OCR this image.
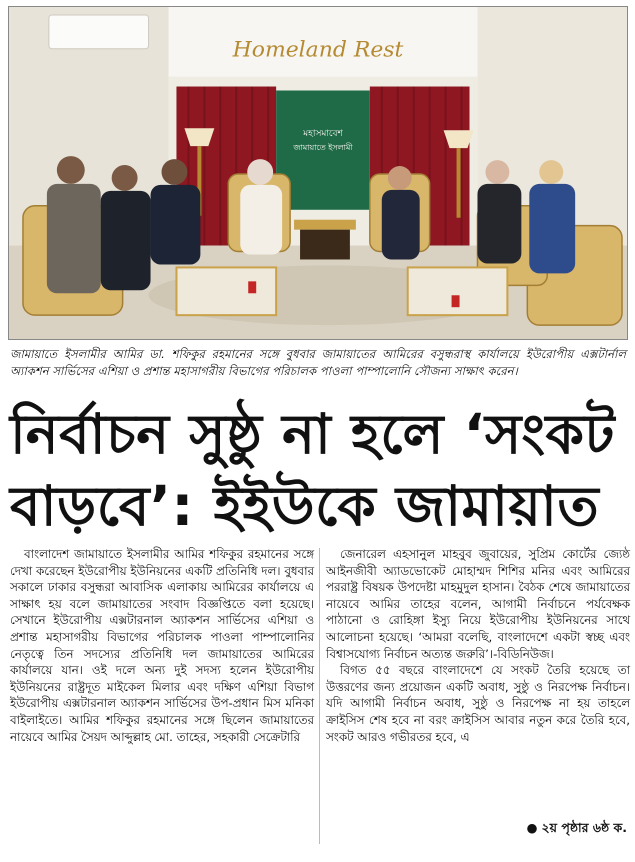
Homeland Rest
মহাসমাবেশ
জামায়াতে ইসলামী
জামায়াতে ইসলামীর আমির ডা. শফিকুর রহমানের সঙ্গে বুধবার জামায়াতের আমিরের বসুন্ধরাস্থ কার্যালয়ে ইউরোপীয় এক্সটার্নাল অ্যাকশন সার্ভিসের এশিয়া ও প্রশান্ত মহাসাগরীয় বিভাগের পরিচালক পাওলা পাম্পালোনি সৌজন্য সাক্ষাৎ করেন।
নির্বাচন সুষ্ঠু না হলে ‘সংকট
বাড়বে’: ইইউকে জামায়াত

বাংলাদেশ জামায়াতে ইসলামীর আমির শফিকুর রহমানের সঙ্গে দেখা করেছেন ইউরোপীয় ইউনিয়নের একটি প্রতিনিধি দল। বুধবার সকালে ঢাকার বসুন্ধরা আবাসিক এলাকায় আমিরের কার্যালয়ে এ সাক্ষাৎ হয় বলে জামায়াতের সংবাদ বিজ্ঞপ্তিতে বলা হয়েছে। সেখানে ইউরোপীয় এক্সটারনাল অ্যাকশন সার্ভিসের এশিয়া ও প্রশান্ত মহাসাগরীয় বিভাগের পরিচালক পাওলা পাম্পালোনির নেতৃত্বে তিন সদস্যের প্রতিনিধি দল জামায়াতের আমিরের কার্যালয়ে যান। ওই দলে অন্য দুই সদস্য হলেন ইউরোপীয় ইউনিয়নের রাষ্ট্রদূত মাইকেল মিলার এবং দক্ষিণ এশিয়া বিভাগ ইউরোপীয় এক্সটারনাল অ্যাকশন সার্ভিসের উপ-প্রধান মিস মনিকা বাইলাইতে। আমির শফিকুর রহমানের সঙ্গে ছিলেন জামায়াতের নায়েবে আমির সৈয়দ আব্দুল্লাহ মো. তাহের, সহকারী সেক্রেটারি

জেনারেল এহসানুল মাহবুব জুবায়ের, সুপ্রিম কোর্টের জ্যেষ্ঠ আইনজীবী অ্যাডভোকেট মোহাম্মদ শিশির মনির এবং আমিরের পররাষ্ট্র বিষয়ক উপদেষ্টা মাহমুদুল হাসান। বৈঠক শেষে জামায়াতের নায়েবে আমির তাহের বলেন, আগামী নির্বাচনে পর্যবেক্ষক পাঠানো ও রোহিঙ্গা ইস্যু নিয়ে ইউরোপীয় ইউনিয়নের সাথে আলোচনা হয়েছে। ‘আমরা বলেছি, বাংলাদেশে একটা স্বচ্ছ এবং বিশ্বাসযোগ্য নির্বাচন অত্যন্ত জরুরি’।-বিডিনিউজ।

বিগত ৫৫ বছরে বাংলাদেশে যে সংকট তৈরি হয়েছে তা উত্তরণের জন্য প্রয়োজন একটি অবাধ, সুষ্ঠু ও নিরপেক্ষ নির্বাচন। যদি আগামী নির্বাচন অবাধ, সুষ্ঠু ও নিরপেক্ষ না হয় তাহলে ক্রাইসিস শেষ হবে না বরং ক্রাইসিস আবার নতুন করে তৈরি হবে, সংকট আরও গভীরতর হবে, এ

● ২য় পৃষ্ঠার ৬ষ্ঠ ক.
